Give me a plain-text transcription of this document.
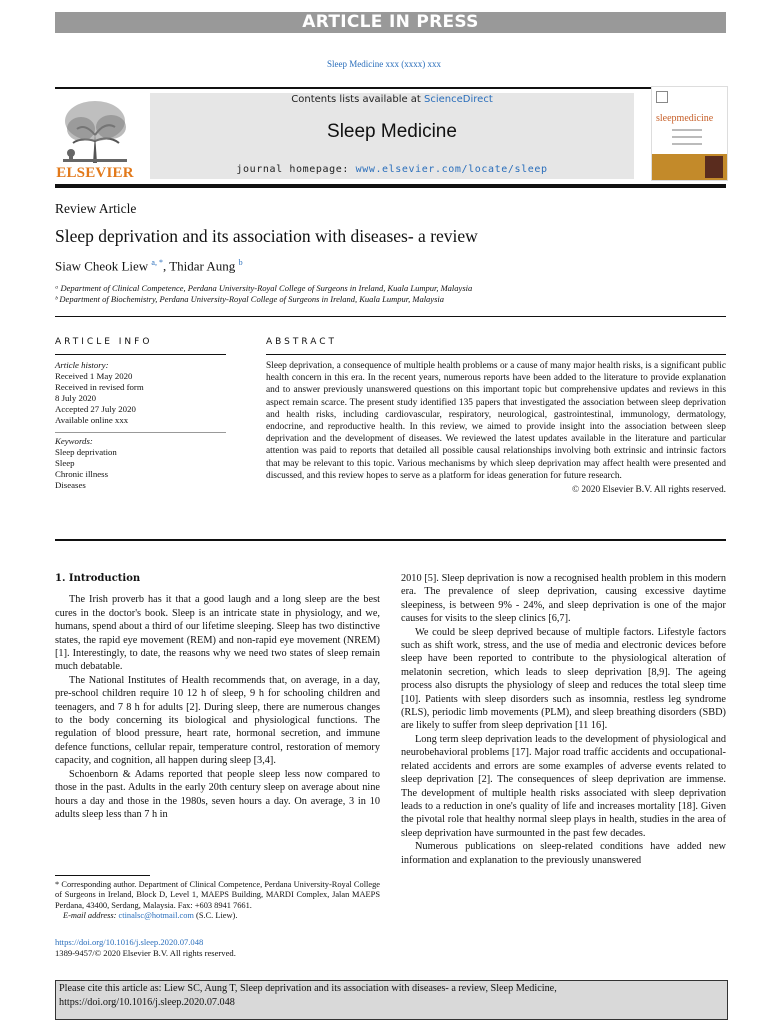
ARTICLE IN PRESS
Sleep Medicine xxx (xxxx) xxx
ELSEVIER
Contents lists available at ScienceDirect
Sleep Medicine
journal homepage: www.elsevier.com/locate/sleep
sleepmedicine
Review Article
Sleep deprivation and its association with diseases- a review
Siaw Cheok Liew $^{a, *}$, Thidar Aung $^b$
ᵃ Department of Clinical Competence, Perdana University-Royal College of Surgeons in Ireland, Kuala Lumpur, Malaysia
ᵇ Department of Biochemistry, Perdana University-Royal College of Surgeons in Ireland, Kuala Lumpur, Malaysia
ARTICLE INFO	ABSTRACT
Article history:
Received 1 May 2020
Received in revised form
8 July 2020
Accepted 27 July 2020
Available online xxx
Keywords:
Sleep deprivation
Sleep
Chronic illness
Diseases
Sleep deprivation, a consequence of multiple health problems or a cause of many major health risks, is a significant public health concern in this era. In the recent years, numerous reports have been added to the literature to provide explanation and to answer previously unanswered questions on this important topic but comprehensive updates and reviews in this aspect remain scarce. The present study identified 135 papers that investigated the association between sleep deprivation and health risks, including cardiovascular, respiratory, neurological, gastrointestinal, immunology, dermatology, endocrine, and reproductive health. In this review, we aimed to provide insight into the association between sleep deprivation and the development of diseases. We reviewed the latest updates available in the literature and particular attention was paid to reports that detailed all possible causal relationships involving both extrinsic and intrinsic factors that may be relevant to this topic. Various mechanisms by which sleep deprivation may affect health were presented and discussed, and this review hopes to serve as a platform for ideas generation for future research.
© 2020 Elsevier B.V. All rights reserved.
1. Introduction

The Irish proverb has it that a good laugh and a long sleep are the best cures in the doctor's book. Sleep is an intricate state in physiology, and we, humans, spend about a third of our lifetime sleeping. Sleep has two distinctive states, the rapid eye movement (REM) and non-rapid eye movement (NREM) [1]. Interestingly, to date, the reasons why we need two states of sleep remain much debatable.

The National Institutes of Health recommends that, on average, in a day, pre-school children require 10 12 h of sleep, 9 h for schooling children and teenagers, and 7 8 h for adults [2]. During sleep, there are numerous changes to the body concerning its biological and physiological functions. The regulation of blood pressure, heart rate, hormonal secretion, and immune defence functions, cellular repair, temperature control, restoration of memory capacity, and cognition, all happen during sleep [3,4].

Schoenborn & Adams reported that people sleep less now compared to those in the past. Adults in the early 20th century sleep on average about nine hours a day and those in the 1980s, seven hours a day. On average, 3 in 10 adults sleep less than 7 h in

2010 [5]. Sleep deprivation is now a recognised health problem in this modern era. The prevalence of sleep deprivation, causing excessive daytime sleepiness, is between 9% - 24%, and sleep deprivation is one of the major causes for visits to the sleep clinics [6,7].

We could be sleep deprived because of multiple factors. Lifestyle factors such as shift work, stress, and the use of media and electronic devices before sleep have been reported to contribute to the physiological alteration of melatonin secretion, which leads to sleep deprivation [8,9]. The ageing process also disrupts the physiology of sleep and reduces the total sleep time [10]. Patients with sleep disorders such as insomnia, restless leg syndrome (RLS), periodic limb movements (PLM), and sleep breathing disorders (SBD) are likely to suffer from sleep deprivation [11 16].

Long term sleep deprivation leads to the development of physiological and neurobehavioral problems [17]. Major road traffic accidents and occupational-related accidents and errors are some examples of adverse events related to sleep deprivation [2]. The consequences of sleep deprivation are immense. The development of multiple health risks associated with sleep deprivation leads to a reduction in one's quality of life and increases mortality [18]. Given the pivotal role that healthy normal sleep plays in health, studies in the area of sleep deprivation have surmounted in the past few decades.

Numerous publications on sleep-related conditions have added new information and explanation to the previously unanswered

* Corresponding author. Department of Clinical Competence, Perdana University-Royal College of Surgeons in Ireland, Block D, Level 1, MAEPS Building, MARDI Complex, Jalan MAEPS Perdana, 43400, Serdang, Malaysia. Fax: +603 8941 7661.
E-mail address: ctinalsc@hotmail.com (S.C. Liew).
https://doi.org/10.1016/j.sleep.2020.07.048
1389-9457/© 2020 Elsevier B.V. All rights reserved.
Please cite this article as: Liew SC, Aung T, Sleep deprivation and its association with diseases- a review, Sleep Medicine, https://doi.org/10.1016/j.sleep.2020.07.048
